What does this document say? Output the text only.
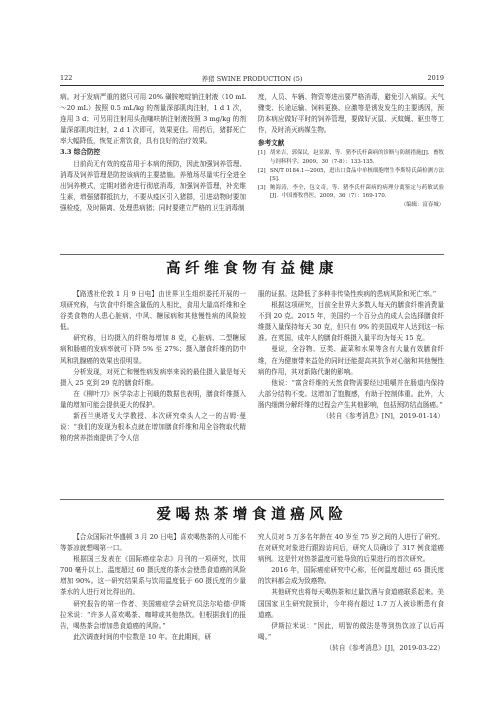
122	养猪 SWINE PRODUCTION (5)	2019

病。对于发病严重的猪只可用 20% 磺胺嘧啶钠注射液（10 mL～20 mL）按照 0.5 mL/kg 的剂量深部肌肉注射，1 d 1 次，连用 3 d；可另用注射用头孢噻呋钠注射液按照 3 mg/kg 的剂量深部肌肉注射，2 d 1 次即可，效果更佳。用药后，猪群死亡率大幅降低，恢复正常饮食，具有良好的治疗效果。

3.3 综合防控

目前尚无有效的疫苗用于本病的预防，因此加强饲养管理、消毒及饲养管理是防控该病的主要措施。养殖场尽量实行全进全出饲养模式，定期对猪舍进行彻底消毒，加强饲养管理，补充维生素，增强猪群抵抗力，不要从疫区引入猪群，引进动物时要加强检疫，及时隔离、处理患病猪；同时要建立严格的卫生消毒制

度，人员、车辆、物资等进出要严格消毒，避免引入病原。天气骤变、长途运输、饲料更换、应激等是诱发发生的主要诱因，预防本病应做好平时的饲养管理，要做好灭鼠、灭蚊蝇、驱虫等工作，及时消灭病媒生物。

参考文献

[1] 胡来吉，郭保民，赵景源，等．猪李氏杆菌病的诊断与防制措施[J]．畜牧与饲料科学，2009，30（7-8）：133-135.
[2] SN/T 0184.1—2005，进出口食品中单核细胞增生李斯特氏菌检测方法[S].
[3] 鲍海涛，李全，包文奇，等．猪李氏杆菌病的病理分离鉴定与药敏试验[J]．中国畜牧兽医，2009，36（7）：169-170.
（编辑：富春城）
高纤维食物有益健康

【路透社伦敦 1 月 9 日电】由世界卫生组织委托开展的一项研究称，与饮食中纤维含量低的人相比，食用大量高纤维和全谷类食物的人患心脏病、中风、糖尿病和其他慢性病的风险较低。

研究称，日均摄入的纤维每增加 8 克，心脏病、二型糖尿病和肠癌的发病率就可下降 5% 至 27%；摄入膳食纤维的防中风和乳腺癌的效果也很明显。

分析发现，对死亡和慢性病发病率来说的最佳摄入量是每天摄入 25 克到 29 克的膳食纤维。

在《柳叶刀》医学杂志上刊载的数据也表明，膳食纤维摄入量的增加可能会提供更大的保护。

新西兰奥塔戈大学教授、本次研究牵头人之一的吉姆·曼说：“我们的发现为根本点就在增加膳食纤维和用全谷物取代精粮的营养指南提供了令人信

服的证据。这降低了多种非传染性疾病的患病风险和死亡率。”

根据这项研究，目前全世界大多数人每天的膳食纤维消费量不到 20 克。2015 年，美国约一个百分点的成人会选择膳食纤维摄入量保持每天 30 克，但只有 9% 的美国成年人达到这一标准。在英国，成年人的膳食纤维摄入量平均为每天 15 克。

曼说，全谷物、豆类、蔬菜和水果等含有大量有效膳食纤维，在为健康带来益处的同时还能提高其抗争对心脑和其他慢性病的作用，其对新陈代谢的影响。

他说：“富含纤维的天然食物需要经过咀嚼并在肠道内保持大部分结构不变。这增加了饱腹感，有助于控制体重。此外，大肠内细菌分解纤维的过程会产生其他影响，包括预防结直肠癌。”

（转自《参考消息》[N]，2019-01-14）

爱喝热茶增食道癌风险

【合众国际社华盛顿 3 月 20 日电】喜欢喝热茶的人可能不等茶凉就想喝第一口。

根据国三发表在《国际癌症杂志》月刊的一项研究，饮用 700 毫升以上、温度超过 60 摄氏度的茶水会使患食道癌的风险增加 90%。这一研究结果系与饮用温度低于 60 摄氏度的少量茶水的人进行对比得出的。

研究报告的第一作者、美国癌症学会研究员法尔哈德·伊斯拉米说：“许多人喜欢喝茶、咖啡或其他热饮。但根据我们的报告，喝热茶会增加患食道癌的风险。”

此次调查时间的中位数是 10 年。在此期间，研

究人员对 5 万多名年龄在 40 岁至 75 岁之间的人进行了研究。在对研究对象进行跟踪访问后，研究人员确诊了 317 例食道癌病例。这是针对热茶温度可能导致的后果进行的首次研究。

2016 年，国际癌症研究中心称，任何温度超过 65 摄氏度的饮料都会成为致癌物。

其他研究也将每天喝热茶和过量饮酒与食道癌联系起来。美国国家卫生研究院预计，今年将有超过 1.7 万人被诊断患有食道癌。

伊斯拉米说：“因此，明智的做法是等到热饮凉了以后再喝。”

（转自《参考消息》[J]，2019-03-22）
